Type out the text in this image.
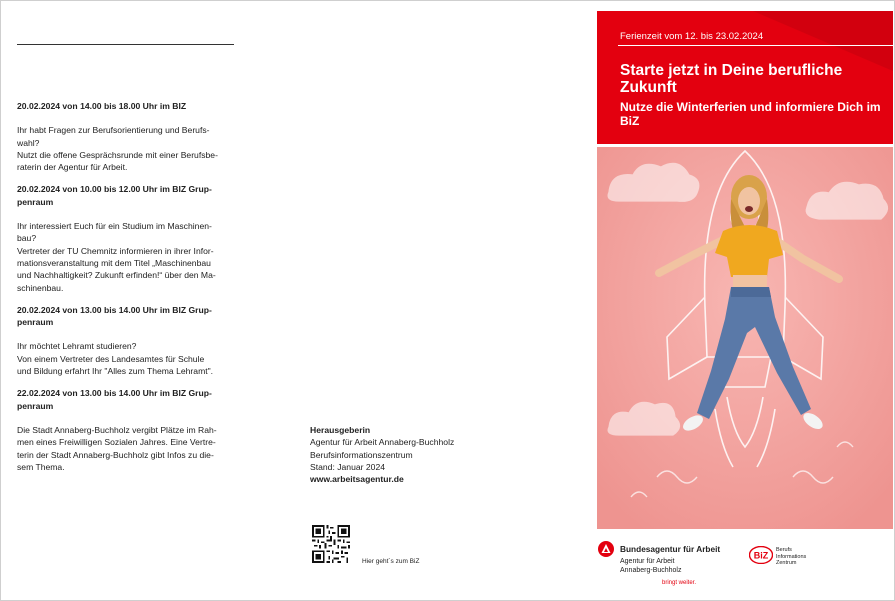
20.02.2024 von 14.00 bis 18.00 Uhr im BIZ

Ihr habt Fragen zur Berufsorientierung und Berufs-
wahl?
Nutzt die offene Gesprächsrunde mit einer Berufsbe-
raterin der Agentur für Arbeit.

20.02.2024 von 10.00 bis 12.00 Uhr im BIZ Grup-
penraum

Ihr interessiert Euch für ein Studium im Maschinen-
bau?
Vertreter der TU Chemnitz informieren in ihrer Infor-
mationsveranstaltung mit dem Titel „Maschinenbau
und Nachhaltigkeit? Zukunft erfinden!“ über den Ma-
schinenbau.

20.02.2024 von 13.00 bis 14.00 Uhr im BIZ Grup-
penraum

Ihr möchtet Lehramt studieren?
Von einem Vertreter des Landesamtes für Schule
und Bildung erfahrt Ihr "Alles zum Thema Lehramt".

22.02.2024 von 13.00 bis 14.00 Uhr im BIZ Grup-
penraum

Die Stadt Annaberg-Buchholz vergibt Plätze im Rah-
men eines Freiwilligen Sozialen Jahres. Eine Vertre-
terin der Stadt Annaberg-Buchholz gibt Infos zu die-
sem Thema.

Herausgeberin
Agentur für Arbeit Annaberg-Buchholz
Berufsinformationszentrum
Stand: Januar 2024
www.arbeitsagentur.de
Hier geht´s zum BiZ
Ferienzeit vom 12. bis 23.02.2024
Starte jetzt in Deine berufliche Zukunft
Nutze die Winterferien und informiere Dich im BiZ
Bundesagentur für Arbeit
Agentur für Arbeit
Annaberg-Buchholz
bringt weiter.
BiZ
Berufs
Informations
Zentrum
